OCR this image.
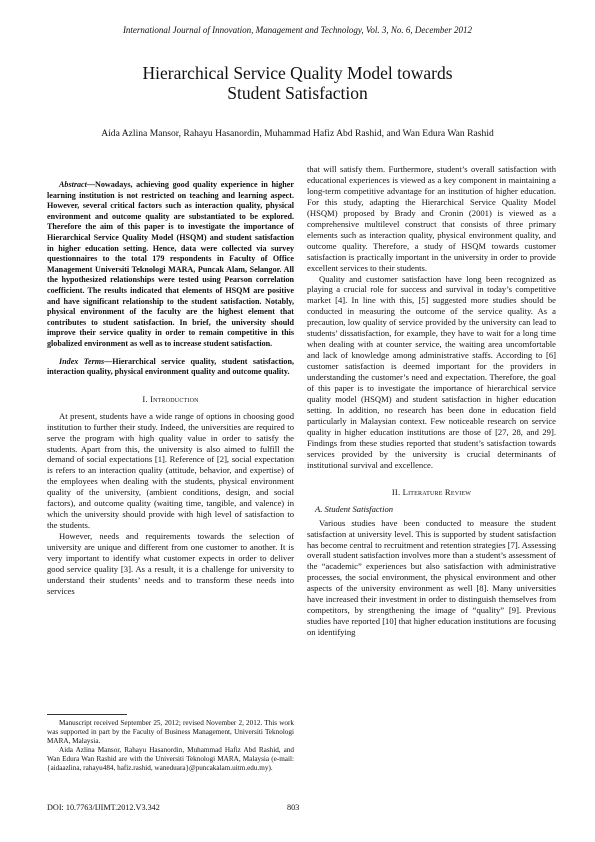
International Journal of Innovation, Management and Technology, Vol. 3, No. 6, December 2012
Hierarchical Service Quality Model towards
Student Satisfaction
Aida Azlina Mansor, Rahayu Hasanordin, Muhammad Hafiz Abd Rashid, and Wan Edura Wan Rashid

Abstract—Nowadays, achieving good quality experience in higher learning institution is not restricted on teaching and learning aspect. However, several critical factors such as interaction quality, physical environment and outcome quality are substantiated to be explored. Therefore the aim of this paper is to investigate the importance of Hierarchical Service Quality Model (HSQM) and student satisfaction in higher education setting. Hence, data were collected via survey questionnaires to the total 179 respondents in Faculty of Office Management Universiti Teknologi MARA, Puncak Alam, Selangor. All the hypothesized relationships were tested using Pearson correlation coefficient. The results indicated that elements of HSQM are positive and have significant relationship to the student satisfaction. Notably, physical environment of the faculty are the highest element that contributes to student satisfaction. In brief, the university should improve their service quality in order to remain competitive in this globalized environment as well as to increase student satisfaction.

Index Terms—Hierarchical service quality, student satisfaction, interaction quality, physical environment quality and outcome quality.

I. Introduction

At present, students have a wide range of options in choosing good institution to further their study. Indeed, the universities are required to serve the program with high quality value in order to satisfy the students. Apart from this, the university is also aimed to fulfill the demand of social expectations [1]. Reference of [2], social expectation is refers to an interaction quality (attitude, behavior, and expertise) of the employees when dealing with the students, physical environment quality of the university, (ambient conditions, design, and social factors), and outcome quality (waiting time, tangible, and valence) in which the university should provide with high level of satisfaction to the students.

However, needs and requirements towards the selection of university are unique and different from one customer to another. It is very important to identify what customer expects in order to deliver good service quality [3]. As a result, it is a challenge for university to understand their students’ needs and to transform these needs into services

that will satisfy them. Furthermore, student’s overall satisfaction with educational experiences is viewed as a key component in maintaining a long-term competitive advantage for an institution of higher education. For this study, adapting the Hierarchical Service Quality Model (HSQM) proposed by Brady and Cronin (2001) is viewed as a comprehensive multilevel construct that consists of three primary elements such as interaction quality, physical environment quality, and outcome quality. Therefore, a study of HSQM towards customer satisfaction is practically important in the university in order to provide excellent services to their students.

Quality and customer satisfaction have long been recognized as playing a crucial role for success and survival in today’s competitive market [4]. In line with this, [5] suggested more studies should be conducted in measuring the outcome of the service quality. As a precaution, low quality of service provided by the university can lead to students’ dissatisfaction, for example, they have to wait for a long time when dealing with at counter service, the waiting area uncomfortable and lack of knowledge among administrative staffs. According to [6] customer satisfaction is deemed important for the providers in understanding the customer’s need and expectation. Therefore, the goal of this paper is to investigate the importance of hierarchical service quality model (HSQM) and student satisfaction in higher education setting. In addition, no research has been done in education field particularly in Malaysian context. Few noticeable research on service quality in higher education institutions are those of [27, 28, and 29]. Findings from these studies reported that student’s satisfaction towards services provided by the university is crucial determinants of institutional survival and excellence.

II. Literature Review
A. Student Satisfaction

Various studies have been conducted to measure the student satisfaction at university level. This is supported by student satisfaction has become central to recruitment and retention strategies [7]. Assessing overall student satisfaction involves more than a student’s assessment of the “academic” experiences but also satisfaction with administrative processes, the social environment, the physical environment and other aspects of the university environment as well [8]. Many universities have increased their investment in order to distinguish themselves from competitors, by strengthening the image of “quality” [9]. Previous studies have reported [10] that higher education institutions are focusing on identifying

Manuscript received September 25, 2012; revised November 2, 2012. This work was supported in part by the Faculty of Business Management, Universiti Teknologi MARA, Malaysia.

Aida Azlina Mansor, Rahayu Hasanordin, Muhammad Hafiz Abd Rashid, and Wan Edura Wan Rashid are with the Universiti Teknologi MARA, Malaysia (e-mail: {aidaazlina, rahayu484, hafiz.rashid, waneduara}@puncakalam.uitm.edu.my).

DOI: 10.7763/IJIMT.2012.V3.342	803
